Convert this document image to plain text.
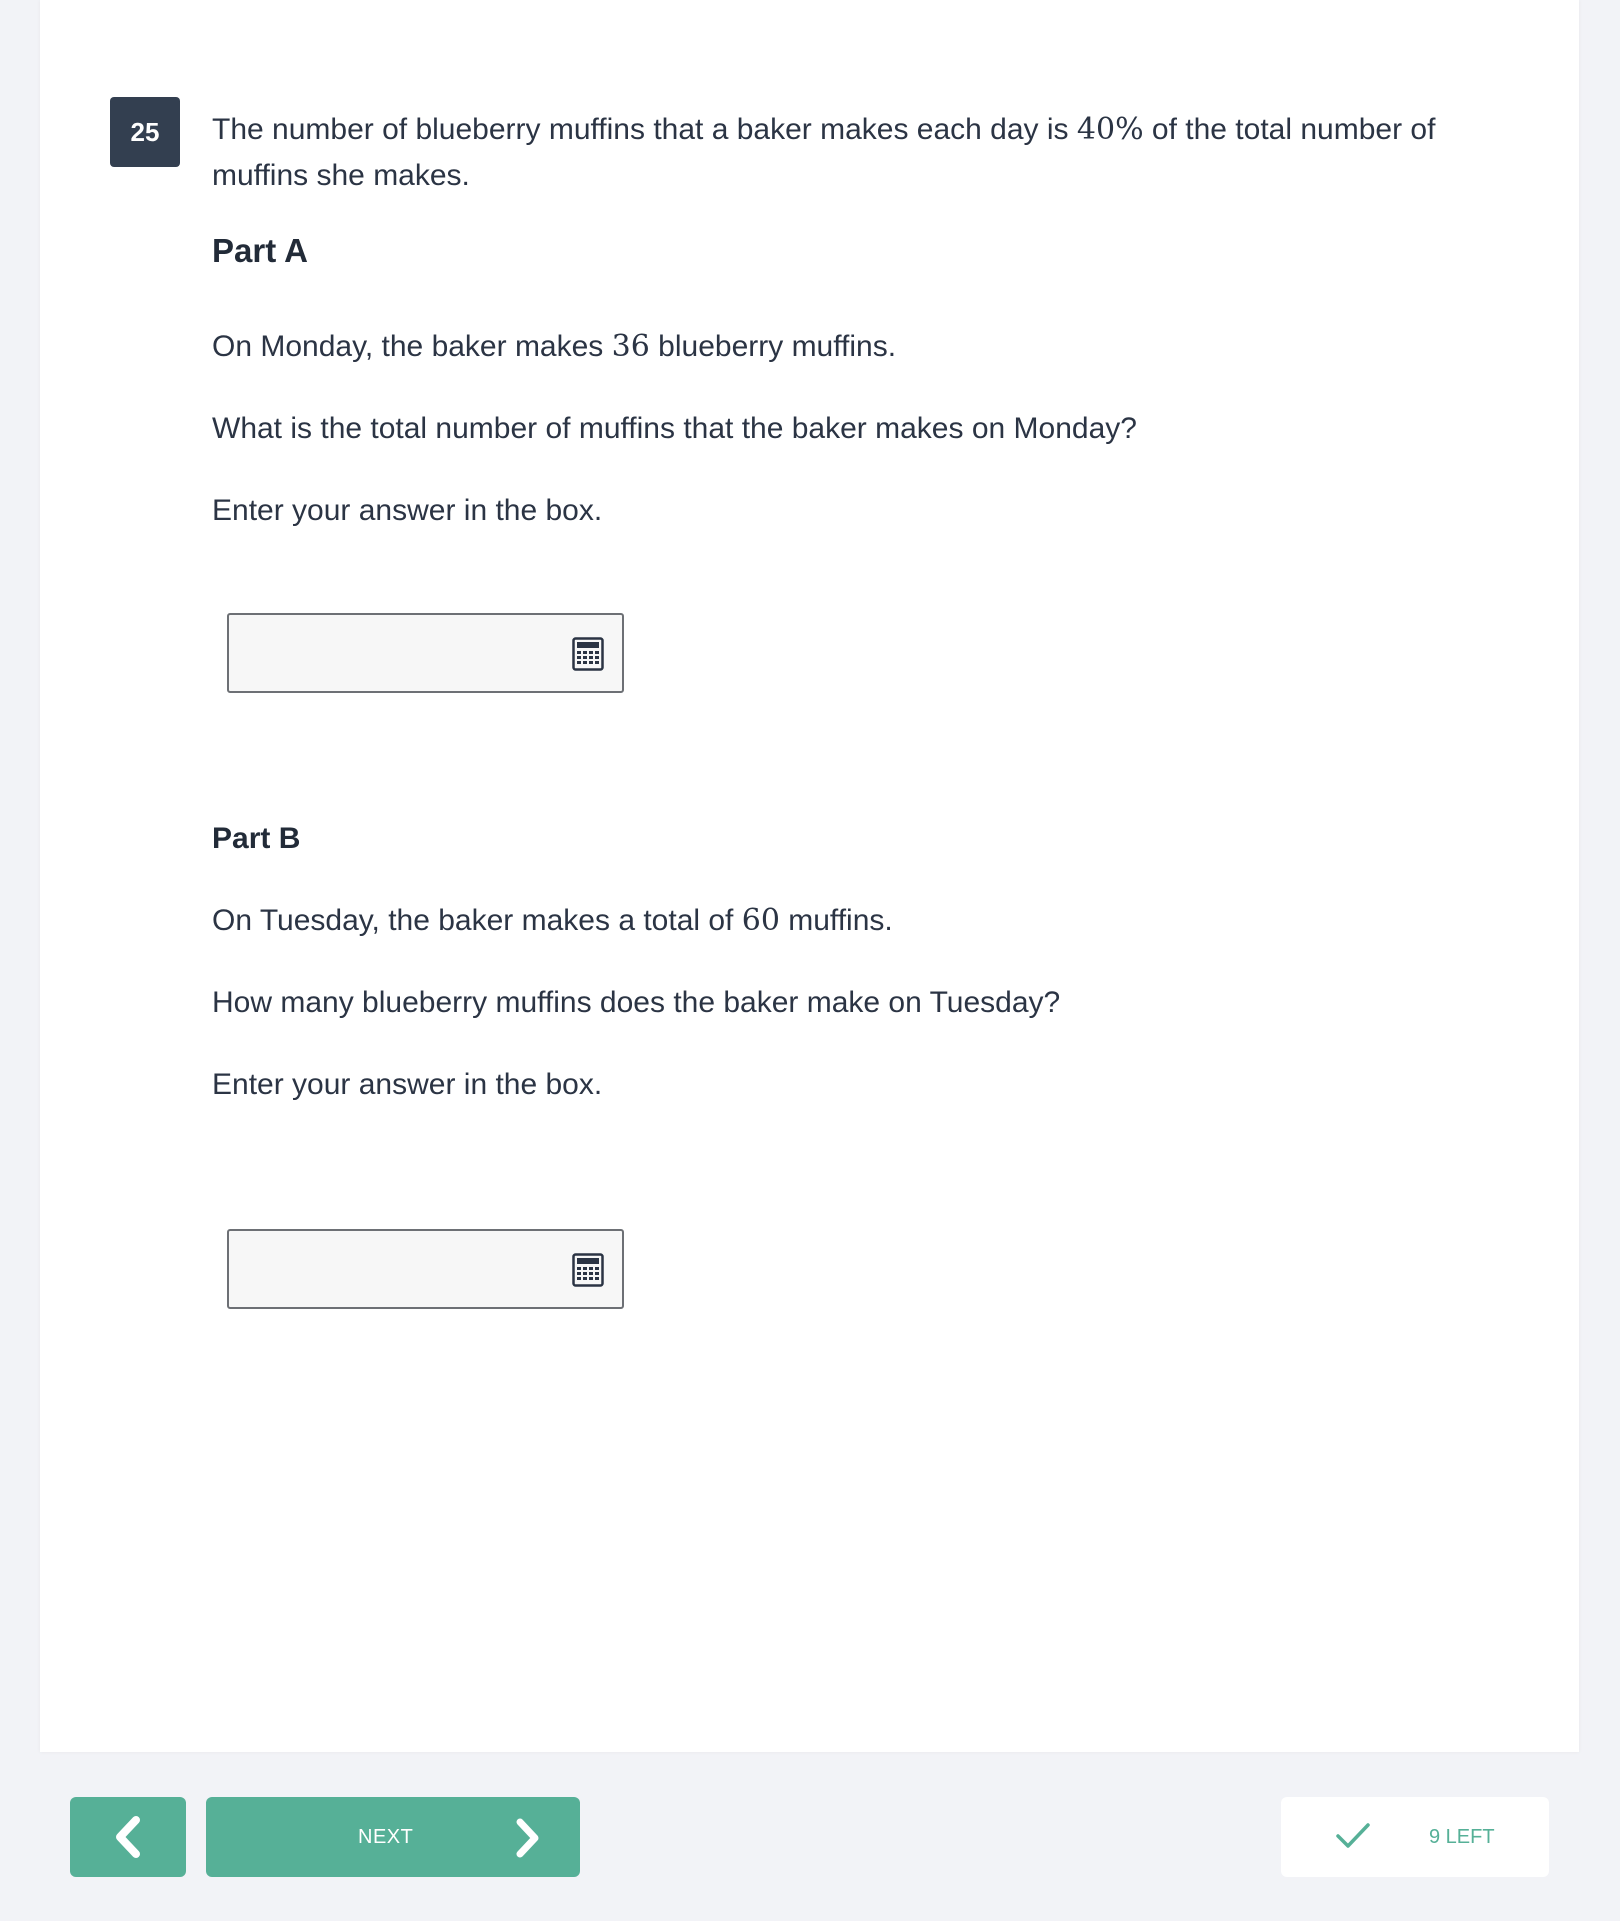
25	The number of blueberry muffins that a baker makes each day is 40% of the total number of muffins she makes.
Part A
On Monday, the baker makes 36 blueberry muffins.
What is the total number of muffins that the baker makes on Monday?
Enter your answer in the box.
Part B
On Tuesday, the baker makes a total of 60 muffins.
How many blueberry muffins does the baker make on Tuesday?
Enter your answer in the box.
NEXT	9 LEFT
